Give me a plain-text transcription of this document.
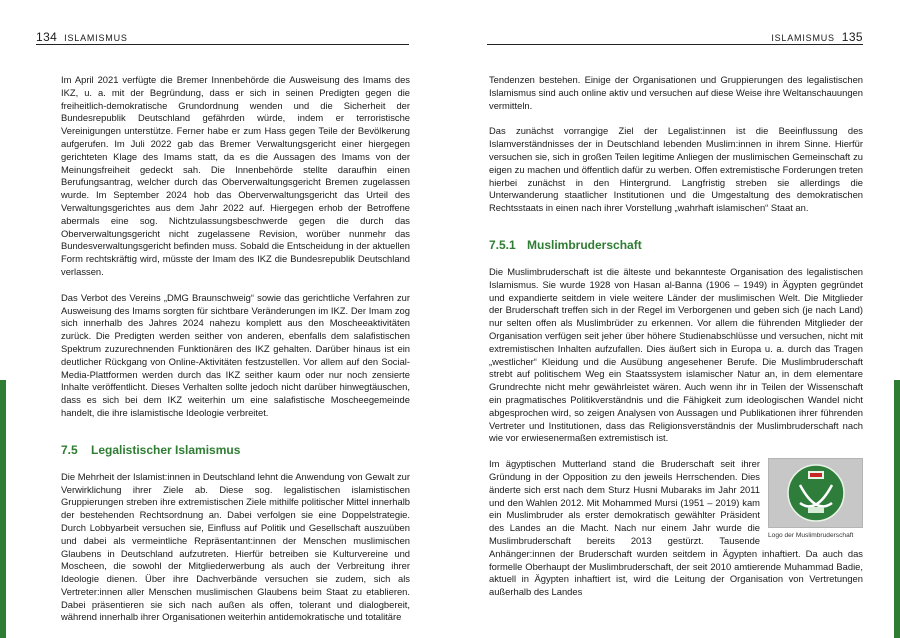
134 ISLAMISMUS	ISLAMISMUS 135

Im April 2021 verfügte die Bremer Innenbehörde die Ausweisung des Imams des IKZ, u. a. mit der Begründung, dass er sich in seinen Predigten gegen die freiheitlich-demokratische Grundordnung wenden und die Sicherheit der Bundesrepublik Deutschland gefährden würde, indem er terroristische Vereinigungen unterstütze. Ferner habe er zum Hass gegen Teile der Bevölkerung aufgerufen. Im Juli 2022 gab das Bremer Verwaltungsgericht einer hiergegen gerichteten Klage des Imams statt, da es die Aussagen des Imams von der Meinungsfreiheit gedeckt sah. Die Innenbehörde stellte daraufhin einen Berufungsantrag, welcher durch das Oberverwaltungsgericht Bremen zugelassen wurde. Im September 2024 hob das Oberverwaltungsgericht das Urteil des Verwaltungsgerichtes aus dem Jahr 2022 auf. Hiergegen erhob der Betroffene abermals eine sog. Nichtzulassungsbeschwerde gegen die durch das Oberverwaltungsgericht nicht zugelassene Revision, worüber nunmehr das Bundesverwaltungsgericht befinden muss. Sobald die Entscheidung in der aktuellen Form rechtskräftig wird, müsste der Imam des IKZ die Bundesrepublik Deutschland verlassen.

Das Verbot des Vereins „DMG Braunschweig“ sowie das gerichtliche Verfahren zur Ausweisung des Imams sorgten für sichtbare Veränderungen im IKZ. Der Imam zog sich innerhalb des Jahres 2024 nahezu komplett aus den Moscheeaktivitäten zurück. Die Predigten werden seither von anderen, ebenfalls dem salafistischen Spektrum zuzurechnenden Funktionären des IKZ gehalten. Darüber hinaus ist ein deutlicher Rückgang von Online-Aktivitäten festzustellen. Vor allem auf den Social-Media-Plattformen werden durch das IKZ seither kaum oder nur noch zensierte Inhalte veröffentlicht. Dieses Verhalten sollte jedoch nicht darüber hinwegtäuschen, dass es sich bei dem IKZ weiterhin um eine salafistische Moscheegemeinde handelt, die ihre islamistische Ideologie verbreitet.

7.5 Legalistischer Islamismus

Die Mehrheit der Islamist:innen in Deutschland lehnt die Anwendung von Gewalt zur Verwirklichung ihrer Ziele ab. Diese sog. legalistischen islamistischen Gruppierungen streben ihre extremistischen Ziele mithilfe politischer Mittel innerhalb der bestehenden Rechtsordnung an. Dabei verfolgen sie eine Doppelstrategie. Durch Lobbyarbeit versuchen sie, Einfluss auf Politik und Gesellschaft auszuüben und dabei als vermeintliche Repräsentant:innen der Menschen muslimischen Glaubens in Deutschland aufzutreten. Hierfür betreiben sie Kulturvereine und Moscheen, die sowohl der Mitgliederwerbung als auch der Verbreitung ihrer Ideologie dienen. Über ihre Dachverbände versuchen sie zudem, sich als Vertreter:innen aller Menschen muslimischen Glaubens beim Staat zu etablieren. Dabei präsentieren sie sich nach außen als offen, tolerant und dialogbereit, während innerhalb ihrer Organisationen weiterhin antidemokratische und totalitäre

Tendenzen bestehen. Einige der Organisationen und Gruppierungen des legalistischen Islamismus sind auch online aktiv und versuchen auf diese Weise ihre Weltanschauungen vermitteln.

Das zunächst vorrangige Ziel der Legalist:innen ist die Beeinflussung des Islamverständnisses der in Deutschland lebenden Muslim:innen in ihrem Sinne. Hierfür versuchen sie, sich in großen Teilen legitime Anliegen der muslimischen Gemeinschaft zu eigen zu machen und öffentlich dafür zu werben. Offen extremistische Forderungen treten hierbei zunächst in den Hintergrund. Langfristig streben sie allerdings die Unterwanderung staatlicher Institutionen und die Umgestaltung des demokratischen Rechtsstaats in einen nach ihrer Vorstellung „wahrhaft islamischen“ Staat an.

7.5.1 Muslimbruderschaft

Die Muslimbruderschaft ist die älteste und bekannteste Organisation des legalistischen Islamismus. Sie wurde 1928 von Hasan al-Banna (1906 – 1949) in Ägypten gegründet und expandierte seitdem in viele weitere Länder der muslimischen Welt. Die Mitglieder der Bruderschaft treffen sich in der Regel im Verborgenen und geben sich (je nach Land) nur selten offen als Muslimbrüder zu erkennen. Vor allem die führenden Mitglieder der Organisation verfügen seit jeher über höhere Studienabschlüsse und versuchen, nicht mit extremistischen Inhalten aufzufallen. Dies äußert sich in Europa u. a. durch das Tragen „westlicher“ Kleidung und die Ausübung angesehener Berufe. Die Muslimbruderschaft strebt auf politischem Weg ein Staatssystem islamischer Natur an, in dem elementare Grundrechte nicht mehr gewährleistet wären. Auch wenn ihr in Teilen der Wissenschaft ein pragmatisches Politikverständnis und die Fähigkeit zum ideologischen Wandel nicht abgesprochen wird, so zeigen Analysen von Aussagen und Publikationen ihrer führenden Vertreter und Institutionen, dass das Religionsverständnis der Muslimbruderschaft nach wie vor erwiesenermaßen extremistisch ist.

Logo der Muslimbruderschaft
Im ägyptischen Mutterland stand die Bruderschaft seit ihrer Gründung in der Opposition zu den jeweils Herrschenden. Dies änderte sich erst nach dem Sturz Husni Mubaraks im Jahr 2011 und den Wahlen 2012. Mit Mohammed Mursi (1951 – 2019) kam ein Muslimbruder als erster demokratisch gewählter Präsident des Landes an die Macht. Nach nur einem Jahr wurde die Muslimbruderschaft bereits 2013 gestürzt. Tausende Anhänger:innen der Bruderschaft wurden seitdem in Ägypten inhaftiert. Da auch das formelle Oberhaupt der Muslimbruderschaft, der seit 2010 amtierende Muhammad Badie, aktuell in Ägypten inhaftiert ist, wird die Leitung der Organisation von Vertretungen außerhalb des Landes
